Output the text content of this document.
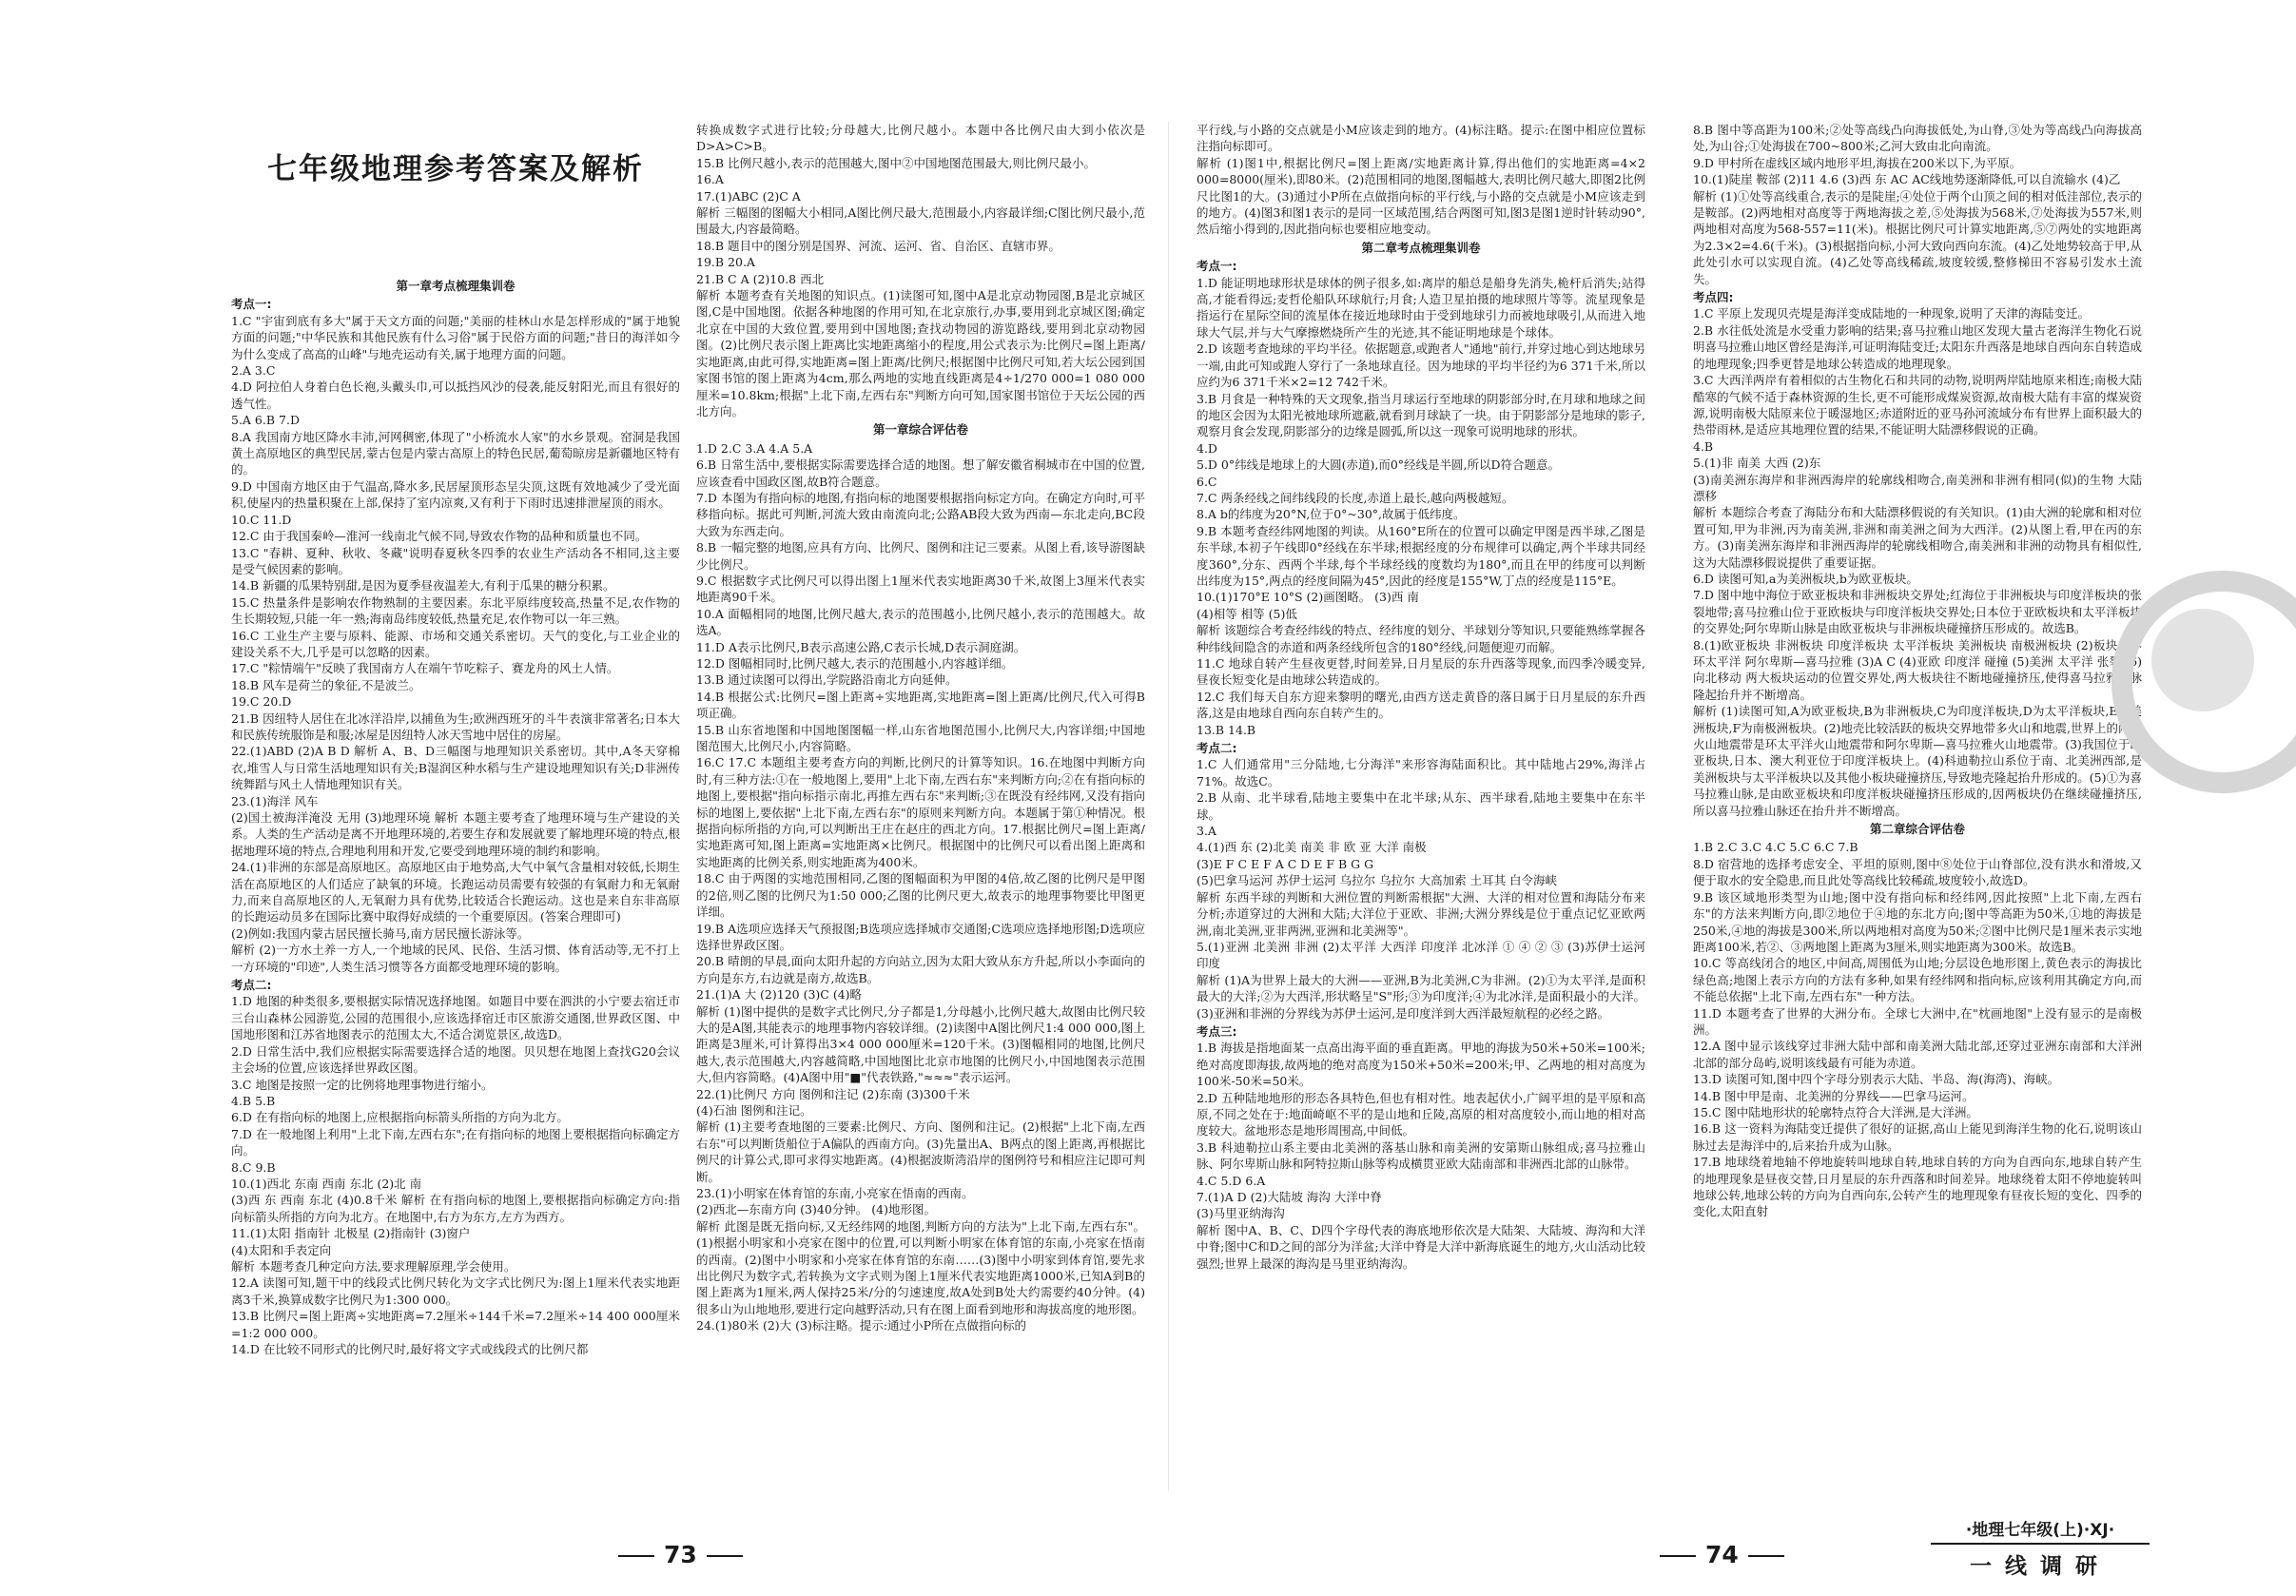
七年级地理参考答案及解析
第一章考点梳理集训卷
考点一:
1.C "宇宙到底有多大"属于天文方面的问题;"美丽的桂林山水是怎样形成的"属于地貌方面的问题;"中华民族和其他民族有什么习俗"属于民俗方面的问题;"昔日的海洋如今为什么变成了高高的山峰"与地壳运动有关,属于地理方面的问题。
2.A 3.C
4.D 阿拉伯人身着白色长袍,头戴头巾,可以抵挡风沙的侵袭,能反射阳光,而且有很好的透气性。
5.A 6.B 7.D
8.A 我国南方地区降水丰沛,河网稠密,体现了"小桥流水人家"的水乡景观。窑洞是我国黄土高原地区的典型民居,蒙古包是内蒙古高原上的特色民居,葡萄晾房是新疆地区特有的。
9.D 中国南方地区由于气温高,降水多,民居屋顶形态呈尖顶,这既有效地减少了受光面积,使屋内的热量积聚在上部,保持了室内凉爽,又有利于下雨时迅速排泄屋顶的雨水。
10.C 11.D
12.C 由于我国秦岭—淮河一线南北气候不同,导致农作物的品种和质量也不同。
13.C "春耕、夏种、秋收、冬藏"说明春夏秋冬四季的农业生产活动各不相同,这主要是受气候因素的影响。
14.B 新疆的瓜果特别甜,是因为夏季昼夜温差大,有利于瓜果的糖分积累。
15.C 热量条件是影响农作物熟制的主要因素。东北平原纬度较高,热量不足,农作物的生长期较短,只能一年一熟;海南岛纬度较低,热量充足,农作物可以一年三熟。
16.C 工业生产主要与原料、能源、市场和交通关系密切。天气的变化,与工业企业的建设关系不大,几乎是可以忽略的因素。
17.C "粽情端午"反映了我国南方人在端午节吃粽子、赛龙舟的风土人情。
18.B 风车是荷兰的象征,不是波兰。
19.C 20.D
21.B 因纽特人居住在北冰洋沿岸,以捕鱼为生;欧洲西班牙的斗牛表演非常著名;日本大和民族传统服饰是和服;冰屋是因纽特人冰天雪地中居住的房屋。
22.(1)ABD (2)A B D 解析 A、B、D三幅图与地理知识关系密切。其中,A冬天穿棉衣,堆雪人与日常生活地理知识有关;B湿润区种水稻与生产建设地理知识有关;D非洲传统舞蹈与风土人情地理知识有关。
23.(1)海洋 风车
(2)国土被海洋淹没 无用 (3)地理环境 解析 本题主要考查了地理环境与生产建设的关系。人类的生产活动是离不开地理环境的,若要生存和发展就要了解地理环境的特点,根据地理环境的特点,合理地利用和开发,它要受到地理环境的制约和影响。
24.(1)非洲的东部是高原地区。高原地区由于地势高,大气中氧气含量相对较低,长期生活在高原地区的人们适应了缺氧的环境。长跑运动员需要有较强的有氧耐力和无氧耐力,而来自高原地区的人,无氧耐力具有优势,比较适合长跑运动。这也是来自东非高原的长跑运动员多在国际比赛中取得好成绩的一个重要原因。(答案合理即可)
(2)例如:我国内蒙古居民擅长骑马,南方居民擅长游泳等。
解析 (2)一方水土养一方人,一个地域的民风、民俗、生活习惯、体育活动等,无不打上一方环境的"印迹",人类生活习惯等各方面都受地理环境的影响。
考点二:
1.D 地图的种类很多,要根据实际情况选择地图。如题目中要在泗洪的小宁要去宿迁市三台山森林公园游览,公园的范围很小,应该选择宿迁市区旅游交通图,世界政区图、中国地形图和江苏省地图表示的范围太大,不适合浏览景区,故选D。
2.D 日常生活中,我们应根据实际需要选择合适的地图。贝贝想在地图上查找G20会议主会场的位置,应该选择世界政区图。
3.C 地图是按照一定的比例将地理事物进行缩小。
4.B 5.B
6.D 在有指向标的地图上,应根据指向标箭头所指的方向为北方。
7.D 在一般地图上利用"上北下南,左西右东";在有指向标的地图上要根据指向标确定方向。
8.C 9.B
10.(1)西北 东南 西南 东北 (2)北 南
(3)西 东 西南 东北 (4)0.8千米 解析 在有指向标的地图上,要根据指向标确定方向:指向标箭头所指的方向为北方。在地图中,右方为东方,左方为西方。
11.(1)太阳 指南针 北极星 (2)指南针 (3)窗户
(4)太阳和手表定向
解析 本题考查几种定向方法,要求理解原理,学会使用。
12.A 读图可知,题干中的线段式比例尺转化为文字式比例尺为:图上1厘米代表实地距离3千米,换算成数字比例尺为1:300 000。
13.B 比例尺=图上距离÷实地距离=7.2厘米÷144千米=7.2厘米÷14 400 000厘米=1:2 000 000。
14.D 在比较不同形式的比例尺时,最好将文字式或线段式的比例尺都
转换成数字式进行比较;分母越大,比例尺越小。本题中各比例尺由大到小依次是D>A>C>B。
15.B 比例尺越小,表示的范围越大,图中②中国地图范围最大,则比例尺最小。
16.A
17.(1)ABC (2)C A
解析 三幅图的图幅大小相同,A图比例尺最大,范围最小,内容最详细;C图比例尺最小,范围最大,内容最简略。
18.B 题目中的图分别是国界、河流、运河、省、自治区、直辖市界。
19.B 20.A
21.B C A (2)10.8 西北
解析 本题考查有关地图的知识点。(1)读图可知,图中A是北京动物园图,B是北京城区图,C是中国地图。依据各种地图的作用可知,在北京旅行,办事,要用到北京城区图;确定北京在中国的大致位置,要用到中国地图;查找动物园的游览路线,要用到北京动物园图。(2)比例尺表示图上距离比实地距离缩小的程度,用公式表示为:比例尺=图上距离/实地距离,由此可得,实地距离=图上距离/比例尺;根据图中比例尺可知,若大坛公园到国家图书馆的图上距离为4cm,那么两地的实地直线距离是4÷1/270 000=1 080 000厘米=10.8km;根据"上北下南,左西右东"判断方向可知,国家图书馆位于天坛公园的西北方向。
第一章综合评估卷
1.D 2.C 3.A 4.A 5.A
6.B 日常生活中,要根据实际需要选择合适的地图。想了解安徽省桐城市在中国的位置,应该查看中国政区图,故B符合题意。
7.D 本图为有指向标的地图,有指向标的地图要根据指向标定方向。在确定方向时,可平移指向标。据此可判断,河流大致由南流向北;公路AB段大致为西南—东北走向,BC段大致为东西走向。
8.B 一幅完整的地图,应具有方向、比例尺、图例和注记三要素。从图上看,该导游图缺少比例尺。
9.C 根据数字式比例尺可以得出图上1厘米代表实地距离30千米,故图上3厘米代表实地距离90千米。
10.A 面幅相同的地图,比例尺越大,表示的范围越小,比例尺越小,表示的范围越大。故选A。
11.D A表示比例尺,B表示高速公路,C表示长城,D表示洞庭湖。
12.D 图幅相同时,比例尺越大,表示的范围越小,内容越详细。
13.B 通过读图可以得出,学院路沿南北方向延伸。
14.B 根据公式:比例尺=图上距离÷实地距离,实地距离=图上距离/比例尺,代入可得B项正确。
15.B 山东省地图和中国地图图幅一样,山东省地图范围小,比例尺大,内容详细;中国地图范围大,比例尺小,内容简略。
16.C 17.C 本题组主要考查方向的判断,比例尺的计算等知识。16.在地图中判断方向时,有三种方法:①在一般地图上,要用"上北下南,左西右东"来判断方向;②在有指向标的地图上,要根据"指向标指示南北,再推左西右东"来判断;③在既没有经纬网,又没有指向标的地图上,要依据"上北下南,左西右东"的原则来判断方向。本题属于第①种情况。根据指向标所指的方向,可以判断出王庄在赵庄的西北方向。17.根据比例尺=图上距离/实地距离可知,图上距离=实地距离×比例尺。根据图中的比例尺可以看出图上距离和实地距离的比例关系,则实地距离为400米。
18.C 由于两图的实地范围相同,乙图的图幅面积为甲图的4倍,故乙图的比例尺是甲图的2倍,则乙图的比例尺为1:50 000;乙图的比例尺更大,故表示的地理事物要比甲图更详细。
19.B A选项应选择天气预报图;B选项应选择城市交通图;C选项应选择地形图;D选项应选择世界政区图。
20.B 晴朗的早晨,面向太阳升起的方向站立,因为太阳大致从东方升起,所以小李面向的方向是东方,右边就是南方,故选B。
21.(1)A 大 (2)120 (3)C (4)略
解析 (1)图中提供的是数字式比例尺,分子都是1,分母越小,比例尺越大,故图由比例尺较大的是A图,其能表示的地理事物内容较详细。(2)读图中A图比例尺1:4 000 000,图上距离是3厘米,可计算得出3×4 000 000厘米=120千米。(3)图幅相同的地图,比例尺越大,表示范围越大,内容越简略,中国地图比北京市地图的比例尺小,中国地图表示范围大,但内容简略。(4)A图中用"■"代表铁路,"≈≈≈"表示运河。
22.(1)比例尺 方向 图例和注记 (2)东南 (3)300千米
(4)石油 图例和注记。
解析 (1)主要考查地图的三要素:比例尺、方向、图例和注记。(2)根据"上北下南,左西右东"可以判断货船位于A偏队的西南方向。(3)先量出A、B两点的图上距离,再根据比例尺的计算公式,即可求得实地距离。(4)根据波斯湾沿岸的图例符号和相应注记即可判断。
23.(1)小明家在体育馆的东南,小亮家在悟南的西南。
(2)西北—东南方向 (3)40分钟。 (4)地形图。
解析 此图是既无指向标,又无经纬网的地图,判断方向的方法为"上北下南,左西右东"。(1)根据小明家和小亮家在图中的位置,可以判断小明家在体育馆的东南,小亮家在悟南的西南。(2)图中小明家和小亮家在体育馆的东南……(3)图中小明家到体育馆,要先求出比例尺为数字式,若转换为文字式则为图上1厘米代表实地距离1000米,已知A到B的图上距离为1厘米,两人保持25米/分的匀速速度,故A处到B处大约需要约40分钟。(4)很多山为山地地形,要进行定向越野活动,只有在图上面看到地形和海拔高度的地形图。
24.(1)80米 (2)大 (3)标注略。提示:通过小P所在点做指向标的
平行线,与小路的交点就是小M应该走到的地方。(4)标注略。提示:在图中相应位置标注指向标即可。
解析 (1)图1中,根据比例尺=图上距离/实地距离计算,得出他们的实地距离=4×2 000=8000(厘米),即80米。(2)范围相同的地图,图幅越大,表明比例尺越大,即图2比例尺比图1的大。(3)通过小P所在点做指向标的平行线,与小路的交点就是小M应该走到的地方。(4)图3和图1表示的是同一区域范围,结合两图可知,图3是图1逆时针转动90°,然后缩小得到的,因此指向标也要相应地变动。
第二章考点梳理集训卷
考点一:
1.D 能证明地球形状是球体的例子很多,如:离岸的船总是船身先消失,桅杆后消失;站得高,才能看得远;麦哲伦船队环球航行;月食;人造卫星拍摄的地球照片等等。流星现象是指运行在星际空间的流星体在接近地球时由于受到地球引力而被地球吸引,从而进入地球大气层,并与大气摩擦燃烧所产生的光迹,其不能证明地球是个球体。
2.D 该题考查地球的平均半径。依据题意,或跑者人"通地"前行,并穿过地心到达地球另一端,由此可知或跑人穿行了一条地球直径。因为地球的平均半径约为6 371千米,所以应约为6 371千米×2=12 742千米。
3.B 月食是一种特殊的天文现象,指当月球运行至地球的阴影部分时,在月球和地球之间的地区会因为太阳光被地球所遮蔽,就看到月球缺了一块。由于阴影部分是地球的影子,观察月食会发现,阴影部分的边缘是圆弧,所以这一现象可说明地球的形状。
4.D
5.D 0°纬线是地球上的大圆(赤道),而0°经线是半圆,所以D符合题意。
6.C
7.C 两条经线之间纬线段的长度,赤道上最长,越向两极越短。
8.A b的纬度为20°N,位于0°~30°,故属于低纬度。
9.B 本题考查经纬网地图的判读。从160°E所在的位置可以确定甲图是西半球,乙图是东半球,本初子午线即0°经线在东半球;根据经度的分布规律可以确定,两个半球共同经度360°,分东、西两个半球,每个半球经线的度数均为180°,而且在甲的纬度可以判断出纬度为15°,两点的经度间隔为45°,因此的经度是155°W,丁点的经度是115°E。
10.(1)170°E 10°S (2)画图略。 (3)西 南
(4)相等 相等 (5)低
解析 该题综合考查经纬线的特点、经纬度的划分、半球划分等知识,只要能熟练掌握各种纬线间隐含的赤道和两条经线所包含的180°经线,问题便迎刃而解。
11.C 地球自转产生昼夜更替,时间差异,日月星辰的东升西落等现象,而四季冷暖变异,昼夜长短变化是由地球公转造成的。
12.C 我们每天自东方迎来黎明的曙光,由西方送走黄昏的落日属于日月星辰的东升西落,这是由地球自西向东自转产生的。
13.B 14.B
考点二:
1.C 人们通常用"三分陆地,七分海洋"来形容海陆面积比。其中陆地占29%,海洋占71%。故选C。
2.B 从南、北半球看,陆地主要集中在北半球;从东、西半球看,陆地主要集中在东半球。
3.A
4.(1)西 东 (2)北美 南美 非 欧 亚 大洋 南极
(3)E F C E F A C D E F B G G
(5)巴拿马运河 苏伊士运河 乌拉尔 乌拉尔 大高加索 土耳其 白令海峡
解析 东西半球的判断和大洲位置的判断需根据"大洲、大洋的相对位置和海陆分布来分析;赤道穿过的大洲和大陆;大洋位于亚欧、非洲;大洲分界线是位于重点记忆亚欧两洲,南北美洲,亚非两洲,亚洲和北美洲等"。
5.(1)亚洲 北美洲 非洲 (2)太平洋 大西洋 印度洋 北冰洋 ① ④ ② ③ (3)苏伊士运河 印度
解析 (1)A为世界上最大的大洲——亚洲,B为北美洲,C为非洲。(2)①为太平洋,是面积最大的大洋;②为大西洋,形状略呈"S"形;③为印度洋;④为北冰洋,是面积最小的大洋。(3)亚洲和非洲的分界线为苏伊士运河,是印度洋到大西洋最短航程的必经之路。
考点三:
1.B 海拔是指地面某一点高出海平面的垂直距离。甲地的海拔为50米+50米=100米;绝对高度即海拔,故两地的绝对高度为150米+50米=200米;甲、乙两地的相对高度为100米-50米=50米。
2.D 五种陆地地形的形态各具特色,但也有相对性。地表起伏小,广阔平坦的是平原和高原,不同之处在于:地面崎岖不平的是山地和丘陵,高原的相对高度较小,而山地的相对高度较大。盆地形态是地形周围高,中间低。
3.B 科迪勒拉山系主要由北美洲的落基山脉和南美洲的安第斯山脉组成;喜马拉雅山脉、阿尔卑斯山脉和阿特拉斯山脉等构成横贯亚欧大陆南部和非洲西北部的山脉带。
4.C 5.D 6.A
7.(1)A D (2)大陆坡 海沟 大洋中脊
(3)马里亚纳海沟
解析 图中A、B、C、D四个字母代表的海底地形依次是大陆架、大陆坡、海沟和大洋中脊;图中C和D之间的部分为洋盆;大洋中脊是大洋中新海底诞生的地方,火山活动比较强烈;世界上最深的海沟是马里亚纳海沟。
8.B 图中等高距为100米;②处等高线凸向海拔低处,为山脊,③处为等高线凸向海拔高处,为山谷;①处海拔在700~800米;乙河大致由北向南流。
9.D 甲村所在虚线区域内地形平坦,海拔在200米以下,为平原。
10.(1)陡崖 鞍部 (2)11 4.6 (3)西 东 AC AC线地势逐渐降低,可以自流输水 (4)乙
解析 (1)①处等高线重合,表示的是陡崖;④处位于两个山顶之间的相对低洼部位,表示的是鞍部。(2)两地相对高度等于两地海拔之差,⑤处海拔为568米,⑦处海拔为557米,则两地相对高度为568-557=11(米)。根据比例尺可计算实地距离,⑤⑦两处的实地距离为2.3×2=4.6(千米)。(3)根据指向标,小河大致向西向东流。(4)乙处地势较高于甲,从此处引水可以实现自流。(4)乙处等高线稀疏,坡度较缓,整修梯田不容易引发水土流失。
考点四:
1.C 平原上发现贝壳堤是海洋变成陆地的一种现象,说明了天津的海陆变迁。
2.B 水往低处流是水受重力影响的结果;喜马拉雅山地区发现大量古老海洋生物化石说明喜马拉雅山地区曾经是海洋,可证明海陆变迁;太阳东升西落是地球自西向东自转造成的地理现象;四季更替是地球公转造成的地理现象。
3.C 大西洋两岸有着相似的古生物化石和共同的动物,说明两岸陆地原来相连;南极大陆酷寒的气候不适于森林资源的生长,更不可能形成煤炭资源,故南极大陆有丰富的煤炭资源,说明南极大陆原来位于暖湿地区;赤道附近的亚马孙河流域分布有世界上面积最大的热带雨林,是适应其地理位置的结果,不能证明大陆漂移假说的正确。
4.B
5.(1)非 南美 大西 (2)东
(3)南美洲东海岸和非洲西海岸的轮廓线相吻合,南美洲和非洲有相同(似)的生物 大陆漂移
解析 本题综合考查了海陆分布和大陆漂移假说的有关知识。(1)由大洲的轮廓和相对位置可知,甲为非洲,丙为南美洲,非洲和南美洲之间为大西洋。(2)从图上看,甲在丙的东方。(3)南美洲东海岸和非洲西海岸的轮廓线相吻合,南美洲和非洲的动物具有相似性,这为大陆漂移假说提供了重要证据。
6.D 读图可知,a为美洲板块,b为欧亚板块。
7.D 图中地中海位于欧亚板块和非洲板块交界处;红海位于非洲板块与印度洋板块的张裂地带;喜马拉雅山位于亚欧板块与印度洋板块交界处;日本位于亚欧板块和太平洋板块的交界处;阿尔卑斯山脉是由欧亚板块与非洲板块碰撞挤压形成的。故选B。
8.(1)欧亚板块 非洲板块 印度洋板块 太平洋板块 美洲板块 南极洲板块 (2)板块交界 环太平洋 阿尔卑斯—喜马拉雅 (3)A C (4)亚欧 印度洋 碰撞 (5)美洲 太平洋 张裂 (6)向北移动 两大板块运动的位置交界处,两大板块往不断地碰撞挤压,使得喜马拉雅山脉隆起抬升并不断增高。
解析 (1)读图可知,A为欧亚板块,B为非洲板块,C为印度洋板块,D为太平洋板块,E为美洲板块,F为南极洲板块。(2)地壳比较活跃的板块交界地带多火山和地震,世界上的两大火山地震带是环太平洋火山地震带和阿尔卑斯—喜马拉雅火山地震带。(3)我国位于欧亚板块,日本、澳大利亚位于印度洋板块上。(4)科迪勒拉山系位于南、北美洲西部,是美洲板块与太平洋板块以及其他小板块碰撞挤压,导致地壳隆起抬升形成的。(5)①为喜马拉雅山脉,是由欧亚板块和印度洋板块碰撞挤压形成的,因两板块仍在继续碰撞挤压,所以喜马拉雅山脉还在抬升并不断增高。
第二章综合评估卷
1.B 2.C 3.C 4.C 5.C 6.C 7.B
8.D 宿营地的选择考虑安全、平坦的原则,图中⑧处位于山脊部位,没有洪水和滑坡,又便于取水的安全隐患,而且此处等高线比较稀疏,坡度较小,故选D。
9.B 该区域地形类型为山地;图中没有指向标和经纬网,因此按照"上北下南,左西右东"的方法来判断方向,即②地位于④地的东北方向;图中等高距为50米,①地的海拔是250米,④地的海拔是300米,所以两地相对高度为50米;②图中比例尺是1厘米表示实地距离100米,若②、③两地图上距离为3厘米,则实地距离为300米。故选B。
10.C 等高线闭合的地区,中间高,周围低为山地;分层设色地形图上,黄色表示的海拔比绿色高;地图上表示方向的方法有多种,如果有经纬网和指向标,应该利用其确定方向,而不能总依据"上北下南,左西右东"一种方法。
11.D 本题考查了世界的大洲分布。全球七大洲中,在"枕画地图"上没有显示的是南极洲。
12.A 图中显示该线穿过非洲大陆中部和南美洲大陆北部,还穿过亚洲东南部和大洋洲北部的部分岛屿,说明该线最有可能为赤道。
13.D 读图可知,图中四个字母分别表示大陆、半岛、海(海湾)、海峡。
14.B 图中甲是南、北美洲的分界线——巴拿马运河。
15.C 图中陆地形状的轮廓特点符合大洋洲,是大洋洲。
16.B 这一资料为海陆变迁提供了很好的证据,高山上能见到海洋生物的化石,说明该山脉过去是海洋中的,后来抬升成为山脉。
17.B 地球绕着地轴不停地旋转叫地球自转,地球自转的方向为自西向东,地球自转产生的地理现象是昼夜交替,日月星辰的东升西落和时间差异。地球绕着太阳不停地旋转叫地球公转,地球公转的方向为自西向东,公转产生的地理现象有昼夜长短的变化、四季的变化,太阳直射
73	74
·地理七年级(上)·XJ·
一线调研
